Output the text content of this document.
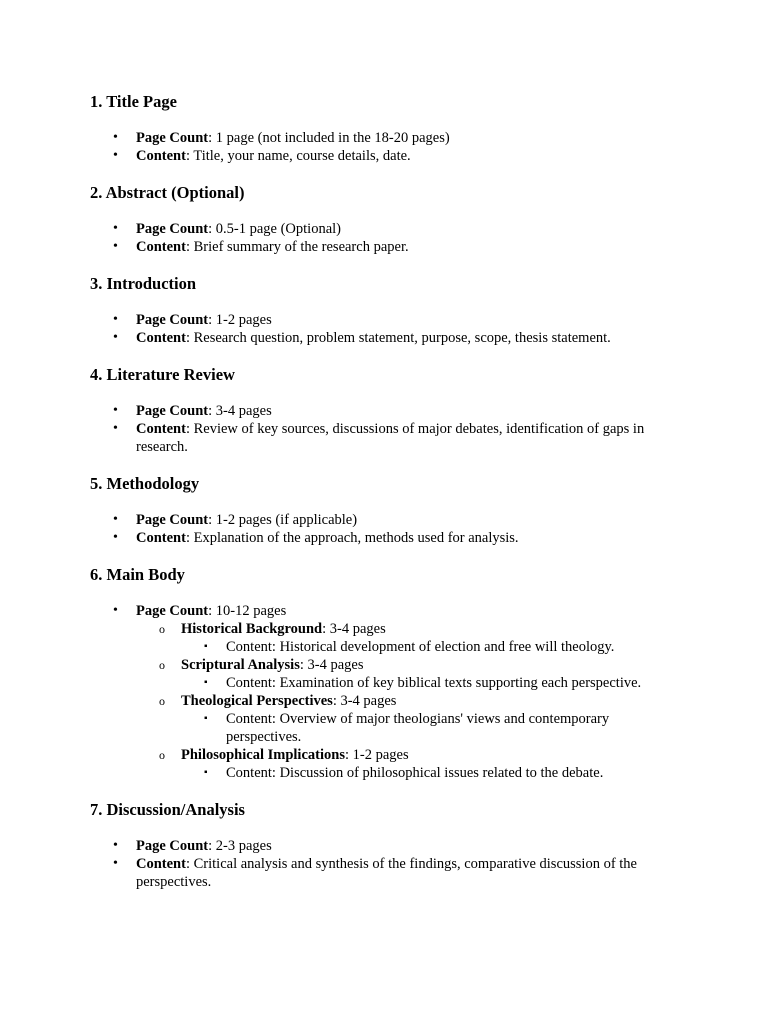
1. Title Page
• Page Count: 1 page (not included in the 18-20 pages)
• Content: Title, your name, course details, date.
2. Abstract (Optional)
• Page Count: 0.5-1 page (Optional)
• Content: Brief summary of the research paper.
3. Introduction
• Page Count: 1-2 pages
• Content: Research question, problem statement, purpose, scope, thesis statement.
4. Literature Review
• Page Count: 3-4 pages
• Content: Review of key sources, discussions of major debates, identification of gaps in research.
5. Methodology
• Page Count: 1-2 pages (if applicable)
• Content: Explanation of the approach, methods used for analysis.
6. Main Body
• Page Count: 10-12 pages
o Historical Background: 3-4 pages
▪ Content: Historical development of election and free will theology.
o Scriptural Analysis: 3-4 pages
▪ Content: Examination of key biblical texts supporting each perspective.
o Theological Perspectives: 3-4 pages
▪ Content: Overview of major theologians' views and contemporary perspectives.
o Philosophical Implications: 1-2 pages
▪ Content: Discussion of philosophical issues related to the debate.
7. Discussion/Analysis
• Page Count: 2-3 pages
• Content: Critical analysis and synthesis of the findings, comparative discussion of the perspectives.
